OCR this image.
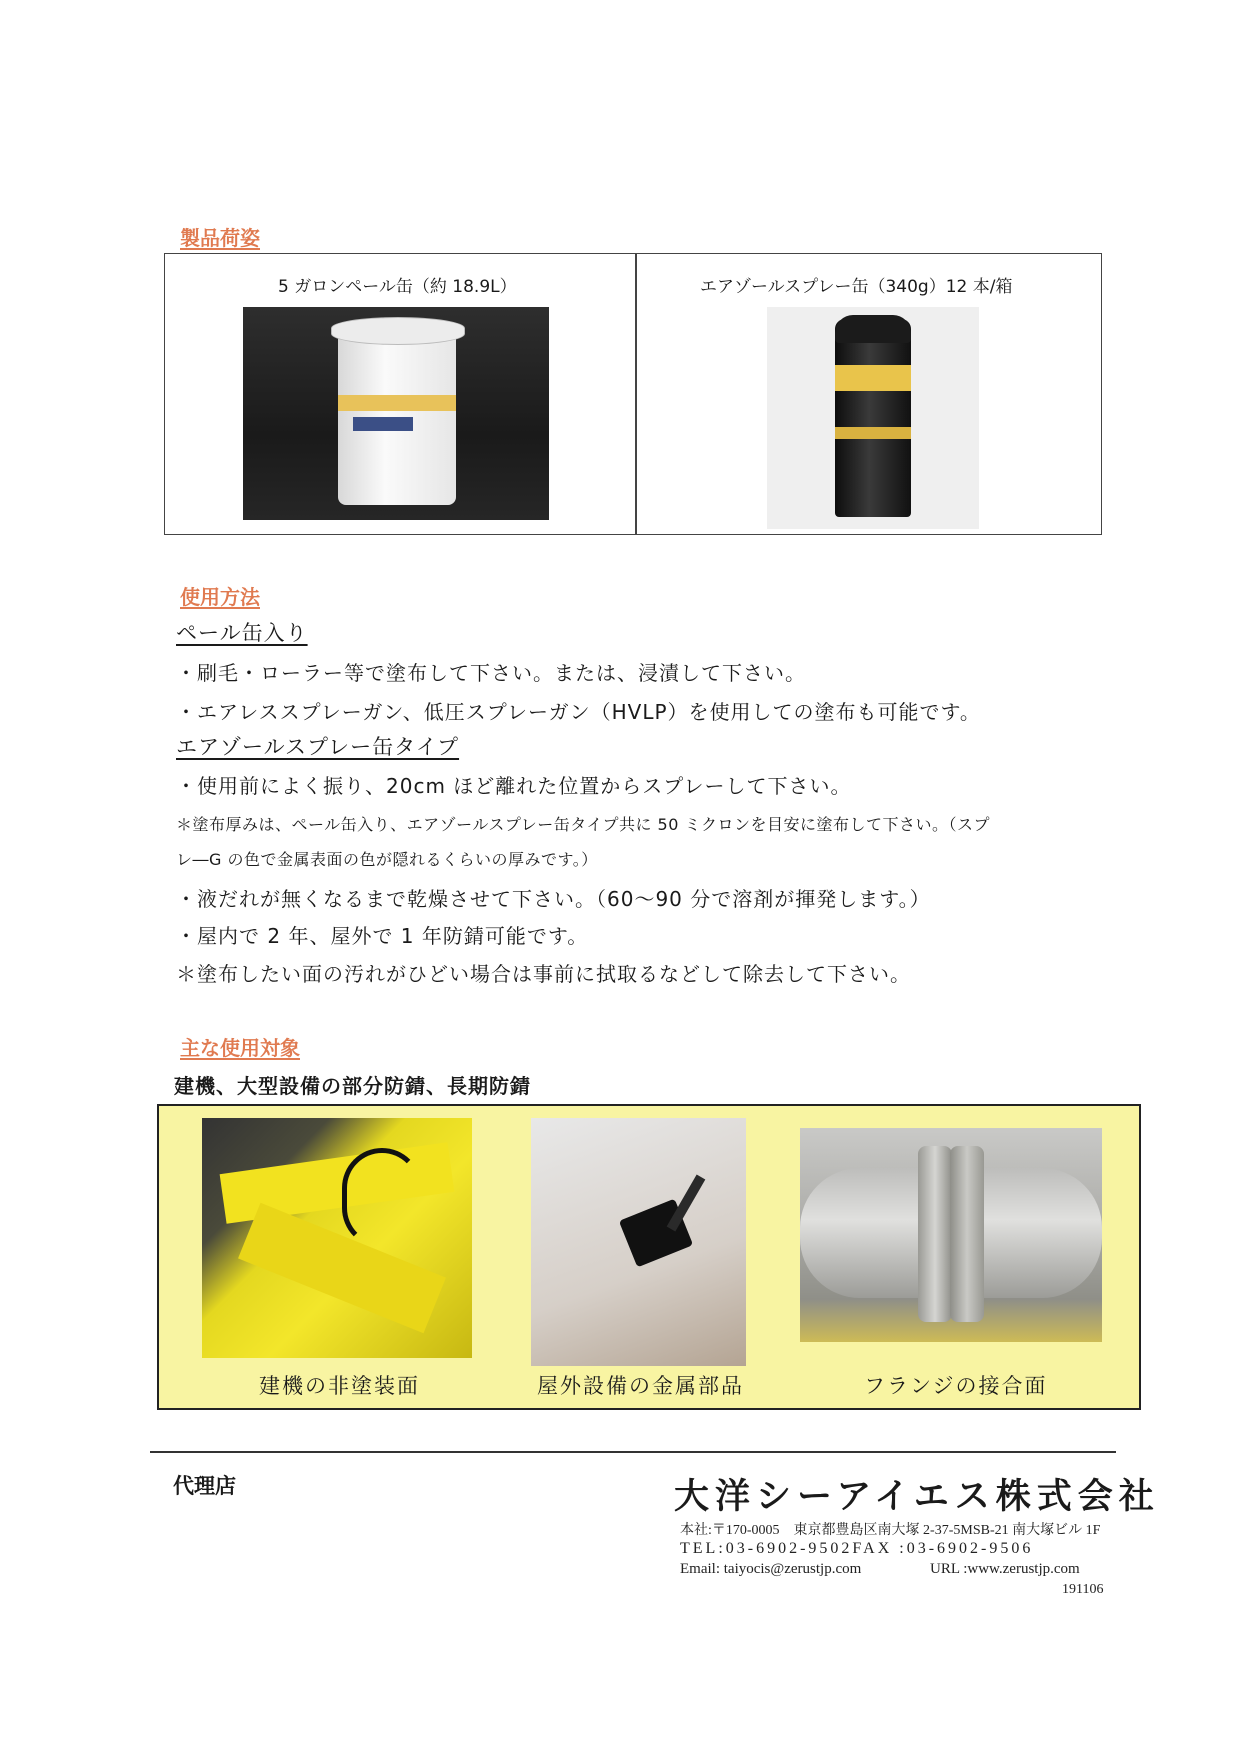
製品荷姿
5 ガロンペール缶（約 18.9L）	エアゾールスプレー缶（340g）12 本/箱
使用方法
ペール缶入り
・刷毛・ローラー等で塗布して下さい。または、浸漬して下さい。
・エアレススプレーガン、低圧スプレーガン（HVLP）を使用しての塗布も可能です。
エアゾールスプレー缶タイプ
・使用前によく振り、20cm ほど離れた位置からスプレーして下さい。
＊塗布厚みは、ペール缶入り、エアゾールスプレー缶タイプ共に 50 ミクロンを目安に塗布して下さい。（スプ
レ―G の色で金属表面の色が隠れるくらいの厚みです。）
・液だれが無くなるまで乾燥させて下さい。（60～90 分で溶剤が揮発します。）
・屋内で 2 年、屋外で 1 年防錆可能です。
＊塗布したい面の汚れがひどい場合は事前に拭取るなどして除去して下さい。
主な使用対象
建機、大型設備の部分防錆、長期防錆
建機の非塗装面	屋外設備の金属部品	フランジの接合面
代理店	大洋シーアイエス株式会社
本社:〒170-0005　東京都豊島区南大塚 2-37-5MSB-21 南大塚ビル 1F
TEL:03-6902-9502FAX :03-6902-9506
Email: taiyocis@zerustjp.com	URL :www.zerustjp.com
191106
